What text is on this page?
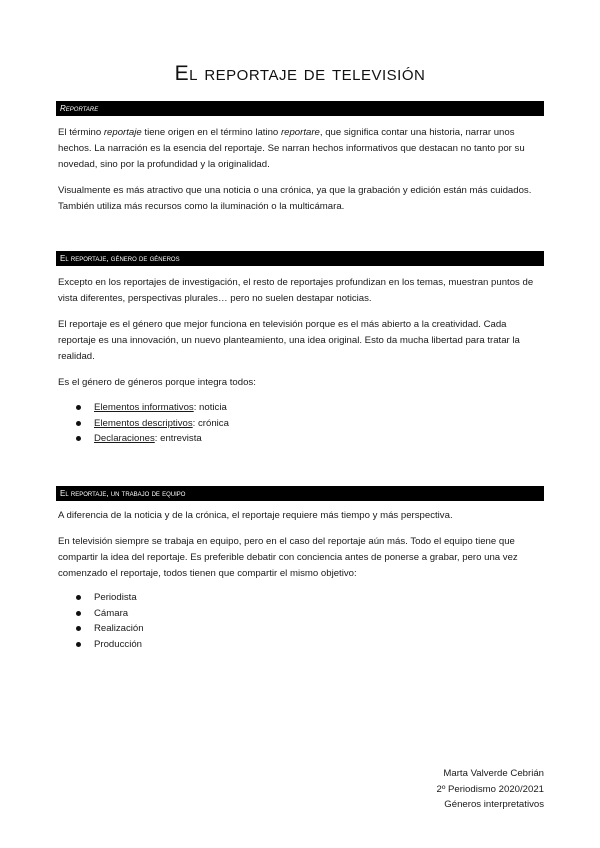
El reportaje de televisión
Reportare
El término reportaje tiene origen en el término latino reportare, que significa contar una historia, narrar unos hechos. La narración es la esencia del reportaje. Se narran hechos informativos que destacan no tanto por su novedad, sino por la profundidad y la originalidad.
Visualmente es más atractivo que una noticia o una crónica, ya que la grabación y edición están más cuidados. También utiliza más recursos como la iluminación o la multicámara.
El reportaje, género de géneros
Excepto en los reportajes de investigación, el resto de reportajes profundizan en los temas, muestran puntos de vista diferentes, perspectivas plurales… pero no suelen destapar noticias.
El reportaje es el género que mejor funciona en televisión porque es el más abierto a la creatividad. Cada reportaje es una innovación, un nuevo planteamiento, una idea original. Esto da mucha libertad para tratar la realidad.
Es el género de géneros porque integra todos:
Elementos informativos: noticia
Elementos descriptivos: crónica
Declaraciones: entrevista
El reportaje, un trabajo de equipo
A diferencia de la noticia y de la crónica, el reportaje requiere más tiempo y más perspectiva.
En televisión siempre se trabaja en equipo, pero en el caso del reportaje aún más. Todo el equipo tiene que compartir la idea del reportaje. Es preferible debatir con conciencia antes de ponerse a grabar, pero una vez comenzado el reportaje, todos tienen que compartir el mismo objetivo:
Periodista
Cámara
Realización
Producción
Marta Valverde Cebrián
2º Periodismo 2020/2021
Géneros interpretativos
